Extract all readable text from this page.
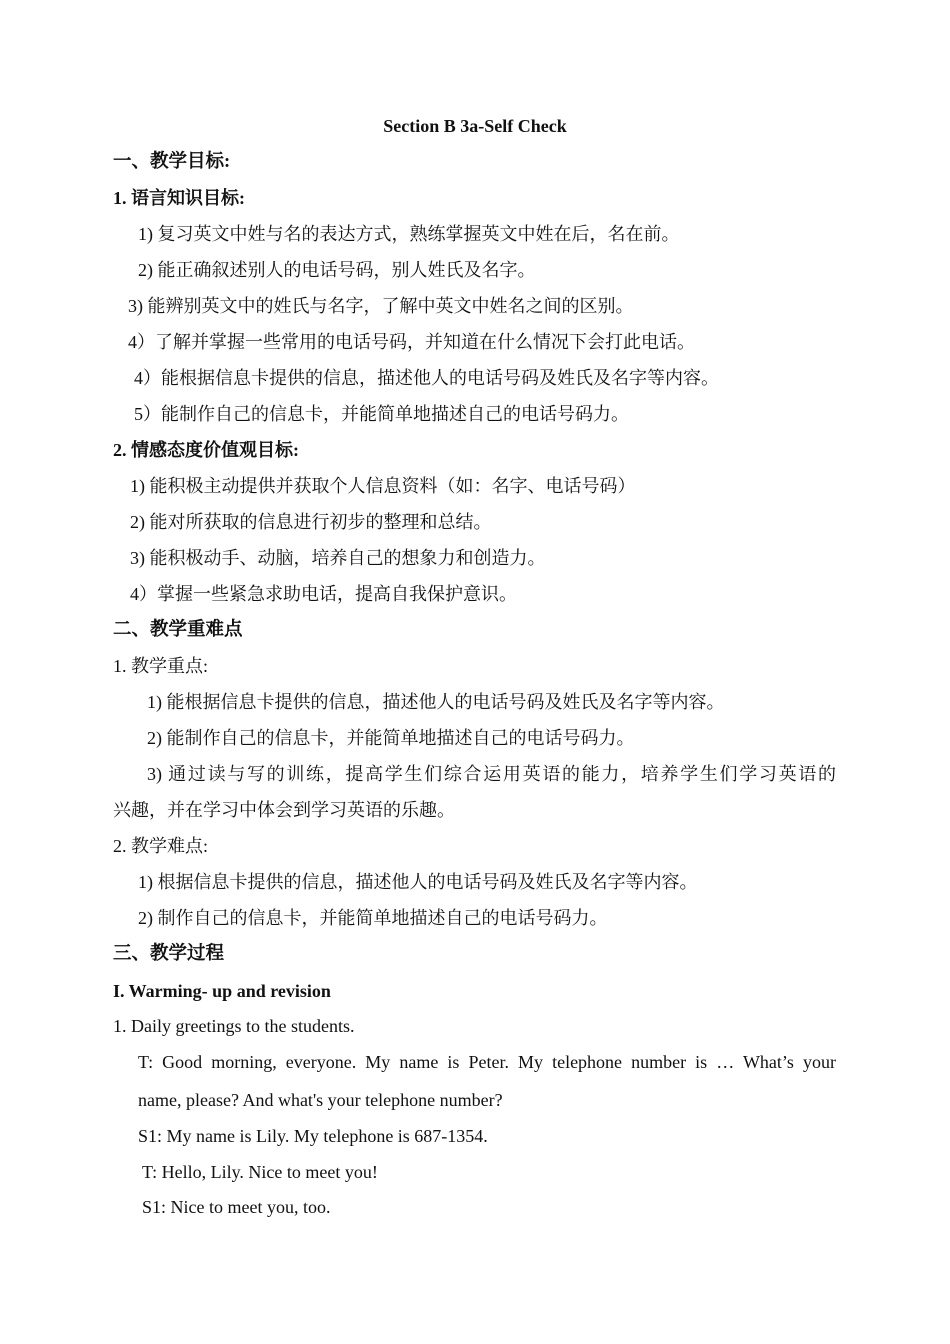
Section B 3a-Self Check
一、教学目标:
1. 语言知识目标:
1) 复习英文中姓与名的表达方式，熟练掌握英文中姓在后，名在前。
2) 能正确叙述别人的电话号码，别人姓氏及名字。
3) 能辨别英文中的姓氏与名字，了解中英文中姓名之间的区别。
4）了解并掌握一些常用的电话号码，并知道在什么情况下会打此电话。
4）能根据信息卡提供的信息，描述他人的电话号码及姓氏及名字等内容。
5）能制作自己的信息卡，并能简单地描述自己的电话号码力。
2. 情感态度价值观目标:
1) 能积极主动提供并获取个人信息资料（如：名字、电话号码）
2) 能对所获取的信息进行初步的整理和总结。
3) 能积极动手、动脑，培养自己的想象力和创造力。
4）掌握一些紧急求助电话，提高自我保护意识。
二、教学重难点
1. 教学重点:
1) 能根据信息卡提供的信息，描述他人的电话号码及姓氏及名字等内容。
2) 能制作自己的信息卡，并能简单地描述自己的电话号码力。
3) 通过读与写的训练，提高学生们综合运用英语的能力，培养学生们学习英语的
兴趣，并在学习中体会到学习英语的乐趣。
2. 教学难点:
1) 根据信息卡提供的信息，描述他人的电话号码及姓氏及名字等内容。
2) 制作自己的信息卡，并能简单地描述自己的电话号码力。
三、教学过程
I. Warming- up and revision
1. Daily greetings to the students.
T: Good morning, everyone. My name is Peter. My telephone number is … What’s your
name, please? And what's your telephone number?
S1: My name is Lily. My telephone is 687-1354.
T: Hello, Lily. Nice to meet you!
S1: Nice to meet you, too.
